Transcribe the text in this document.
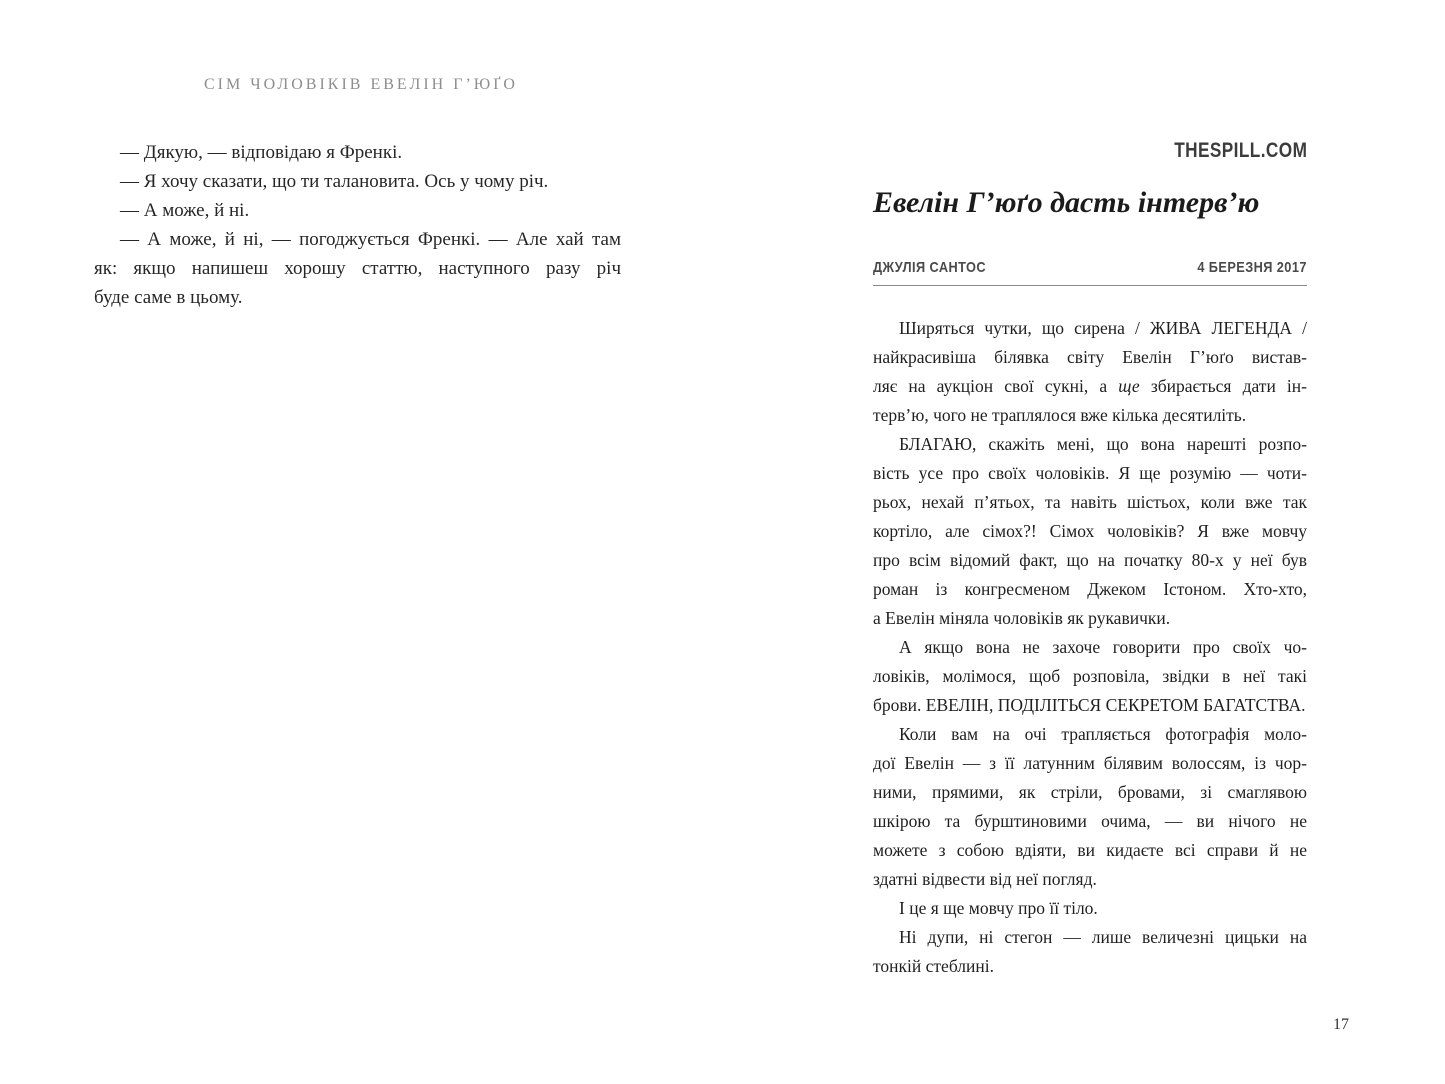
СІМ ЧОЛОВІКІВ ЕВЕЛІН Г’ЮҐО
— Дякую, — відповідаю я Френкі.
— Я хочу сказати, що ти талановита. Ось у чому річ.
— А може, й ні.
— А може, й ні, — погоджується Френкі. — Але хай там
як: якщо напишеш хорошу статтю, наступного разу річ
буде саме в цьому.
THESPILL.COM
Евелін Г’юґо дасть інтерв’ю
ДЖУЛІЯ САНТОС	4 БЕРЕЗНЯ 2017
Ширяться чутки, що сирена / ЖИВА ЛЕГЕНДА /
найкрасивіша білявка світу Евелін Г’юґо вистав-
ляє на аукціон свої сукні, а ще збирається дати ін-
терв’ю, чого не траплялося вже кілька десятиліть.
БЛАГАЮ, скажіть мені, що вона нарешті розпо-
вість усе про своїх чоловіків. Я ще розумію — чоти-
рьох, нехай п’ятьох, та навіть шістьох, коли вже так
кортіло, але сімох?! Сімох чоловіків? Я вже мовчу
про всім відомий факт, що на початку 80-х у неї був
роман із конгресменом Джеком Істоном. Хто-хто,
а Евелін міняла чоловіків як рукавички.
А якщо вона не захоче говорити про своїх чо-
ловіків, молімося, щоб розповіла, звідки в неї такі
брови. ЕВЕЛІН, ПОДІЛІТЬСЯ СЕКРЕТОМ БАГАТСТВА.
Коли вам на очі трапляється фотографія моло-
дої Евелін — з її латунним білявим волоссям, із чор-
ними, прямими, як стріли, бровами, зі смаглявою
шкірою та бурштиновими очима, — ви нічого не
можете з собою вдіяти, ви кидаєте всі справи й не
здатні відвести від неї погляд.
І це я ще мовчу про її тіло.
Ні дупи, ні стегон — лише величезні цицьки на
тонкій стеблині.
17
